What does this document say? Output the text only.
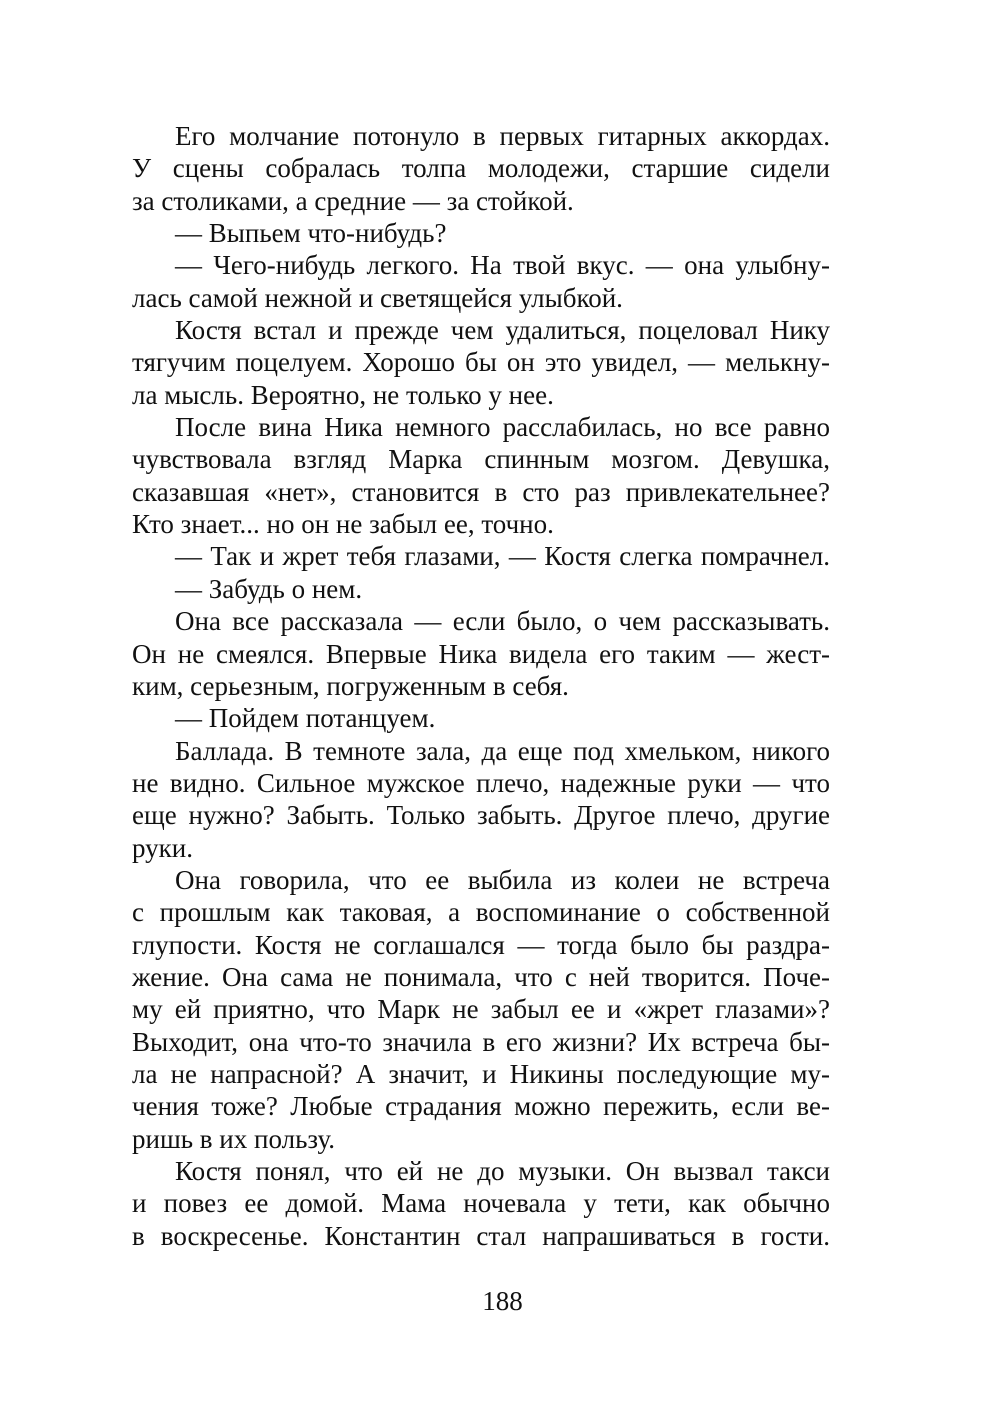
Его молчание потонуло в первых гитарных аккордах.
У сцены собралась толпа молодежи, старшие сидели
за столиками, а средние — за стойкой.

— Выпьем что-нибудь?

— Чего-нибудь легкого. На твой вкус. — она улыбну-
лась самой нежной и светящейся улыбкой.

Костя встал и прежде чем удалиться, поцеловал Нику
тягучим поцелуем. Хорошо бы он это увидел, — мелькну-
ла мысль. Вероятно, не только у нее.

После вина Ника немного расслабилась, но все равно
чувствовала взгляд Марка спинным мозгом. Девушка,
сказавшая «нет», становится в сто раз привлекательнее?
Кто знает... но он не забыл ее, точно.

— Так и жрет тебя глазами, — Костя слегка помрачнел.

— Забудь о нем.

Она все рассказала — если было, о чем рассказывать.
Он не смеялся. Впервые Ника видела его таким — жест-
ким, серьезным, погруженным в себя.

— Пойдем потанцуем.

Баллада. В темноте зала, да еще под хмельком, никого
не видно. Сильное мужское плечо, надежные руки — что
еще нужно? Забыть. Только забыть. Другое плечо, другие
руки.

Она говорила, что ее выбила из колеи не встреча
с прошлым как таковая, а воспоминание о собственной
глупости. Костя не соглашался — тогда было бы раздра-
жение. Она сама не понимала, что с ней творится. Поче-
му ей приятно, что Марк не забыл ее и «жрет глазами»?
Выходит, она что-то значила в его жизни? Их встреча бы-
ла не напрасной? А значит, и Никины последующие му-
чения тоже? Любые страдания можно пережить, если ве-
ришь в их пользу.

Костя понял, что ей не до музыки. Он вызвал такси
и повез ее домой. Мама ночевала у тети, как обычно
в воскресенье. Константин стал напрашиваться в гости.

188
